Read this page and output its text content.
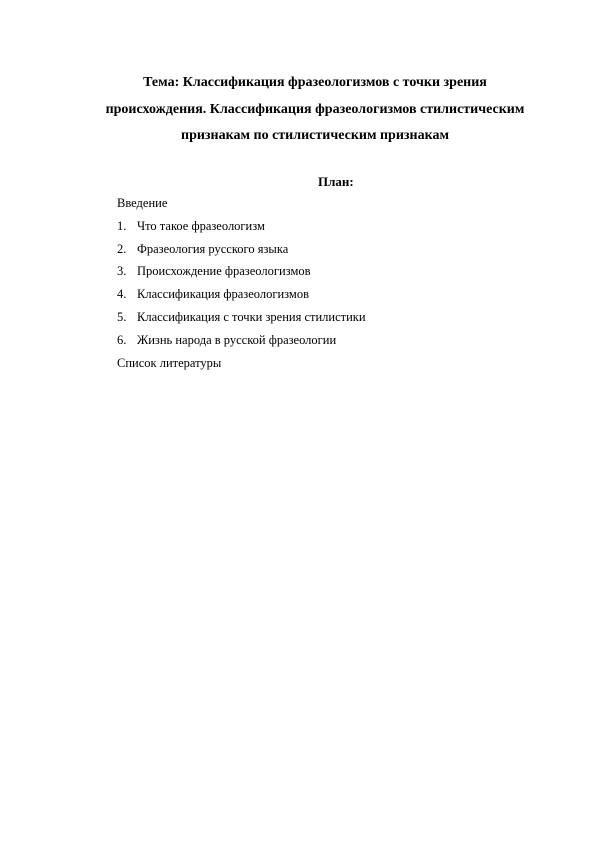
Тема: Классификация фразеологизмов с точки зрения
происхождения. Классификация фразеологизмов стилистическим
признакам по стилистическим признакам
План:
Введение
1. Что такое фразеологизм
2. Фразеология русского языка
3. Происхождение фразеологизмов
4. Классификация фразеологизмов
5. Классификация с точки зрения стилистики
6. Жизнь народа в русской фразеологии
Список литературы
